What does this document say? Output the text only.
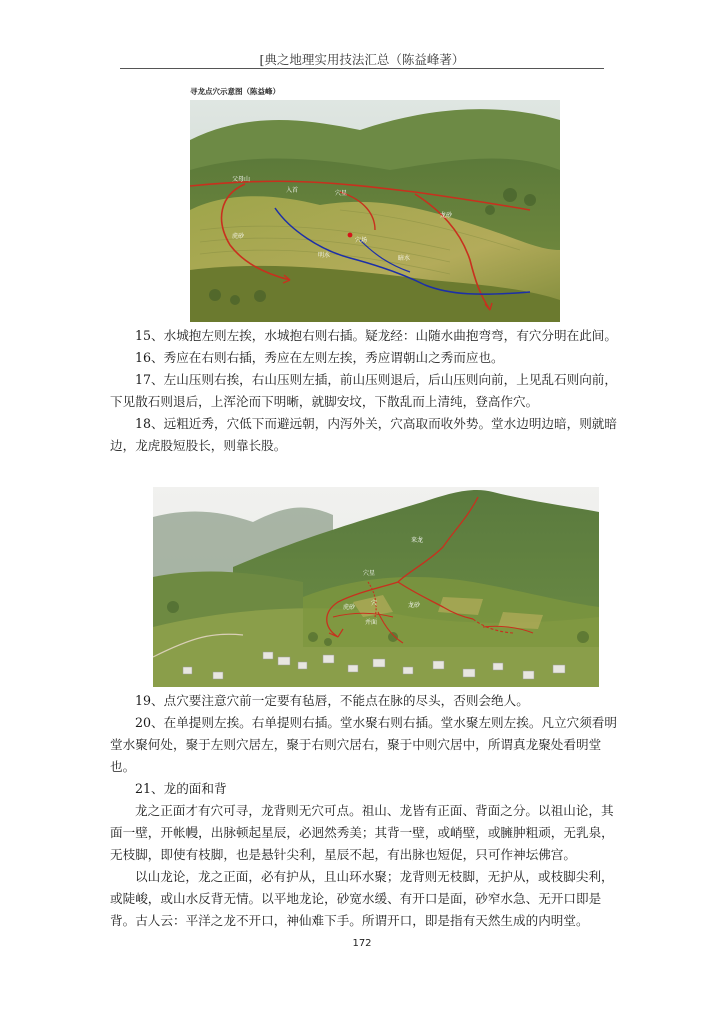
[典之地理实用技法汇总（陈益峰著）
寻龙点穴示意图（陈益峰）
父母山
入首	穴星
龙砂
虎砂
穴场
明水	暗水

15、水城抱左则左挨，水城抱右则右插。疑龙经：山随水曲抱弯弯，有穴分明在此间。

16、秀应在右则右插，秀应在左则左挨，秀应谓朝山之秀而应也。

17、左山压则右挨，右山压则左插，前山压则退后，后山压则向前，上见乱石则向前，下见散石则退后，上浑沦而下明晰，就脚安坟，下散乱而上清纯，登高作穴。

18、远粗近秀，穴低下而避远朝，内泻外关，穴高取而收外势。堂水边明边暗，则就暗边，龙虎股短股长，则靠长股。

来龙
穴星
穴	龙砂
虎砂
并面

19、点穴要注意穴前一定要有毡唇，不能点在脉的尽头，否则会绝人。

20、在单提则左挨。右单提则右插。堂水聚右则右插。堂水聚左则左挨。凡立穴须看明堂水聚何处，聚于左则穴居左，聚于右则穴居右，聚于中则穴居中，所谓真龙聚处看明堂也。

21、龙的面和背

龙之正面才有穴可寻，龙背则无穴可点。祖山、龙皆有正面、背面之分。以祖山论，其面一壁，开帐幔，出脉顿起星辰，必迥然秀美；其背一壁，或峭壁，或臃肿粗顽，无乳泉，无枝脚，即使有枝脚，也是悬针尖利，星辰不起，有出脉也短促，只可作神坛佛宫。

以山龙论，龙之正面，必有护从，且山环水聚；龙背则无枝脚，无护从，或枝脚尖利，或陡峻，或山水反背无情。以平地龙论，砂宽水缓、有开口是面，砂窄水急、无开口即是背。古人云：平洋之龙不开口，神仙难下手。所谓开口，即是指有天然生成的内明堂。

172
